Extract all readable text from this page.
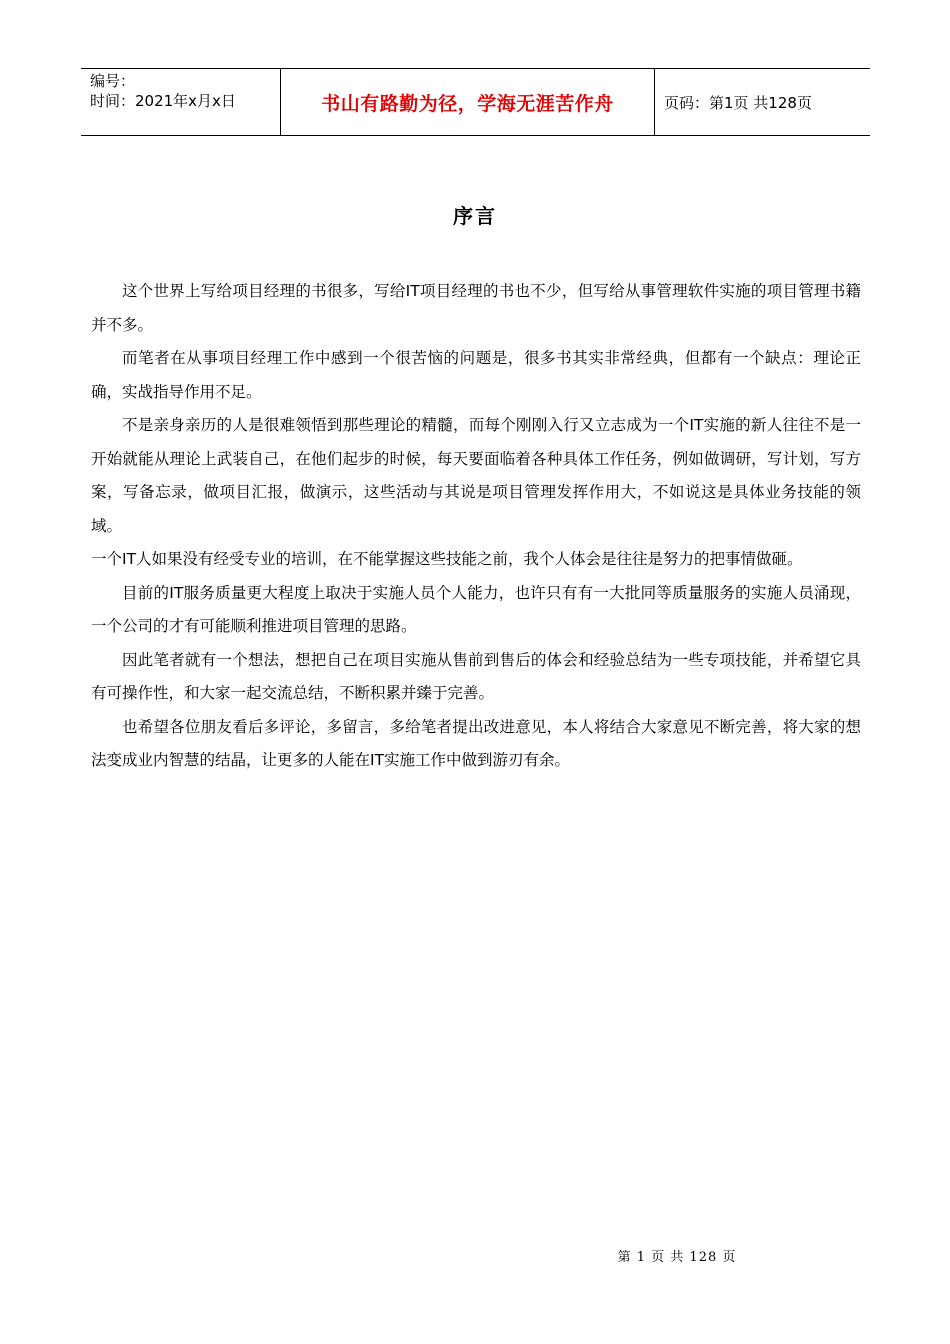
编号：
时间：2021年x月x日	书山有路勤为径，学海无涯苦作舟	页码：第1页 共128页
序言

这个世界上写给项目经理的书很多，写给IT项目经理的书也不少，但写给从事管理软件实施的项目管理书籍并不多。

而笔者在从事项目经理工作中感到一个很苦恼的问题是，很多书其实非常经典，但都有一个缺点：理论正确，实战指导作用不足。

不是亲身亲历的人是很难领悟到那些理论的精髓，而每个刚刚入行又立志成为一个IT实施的新人往往不是一开始就能从理论上武装自己，在他们起步的时候，每天要面临着各种具体工作任务，例如做调研，写计划，写方案，写备忘录，做项目汇报，做演示，这些活动与其说是项目管理发挥作用大，不如说这是具体业务技能的领域。

一个IT人如果没有经受专业的培训，在不能掌握这些技能之前，我个人体会是往往是努力的把事情做砸。

目前的IT服务质量更大程度上取决于实施人员个人能力，也许只有有一大批同等质量服务的实施人员涌现，一个公司的才有可能顺利推进项目管理的思路。

因此笔者就有一个想法，想把自己在项目实施从售前到售后的体会和经验总结为一些专项技能，并希望它具有可操作性，和大家一起交流总结，不断积累并臻于完善。

也希望各位朋友看后多评论，多留言，多给笔者提出改进意见，本人将结合大家意见不断完善，将大家的想法变成业内智慧的结晶，让更多的人能在IT实施工作中做到游刃有余。

第 1 页 共 128 页
